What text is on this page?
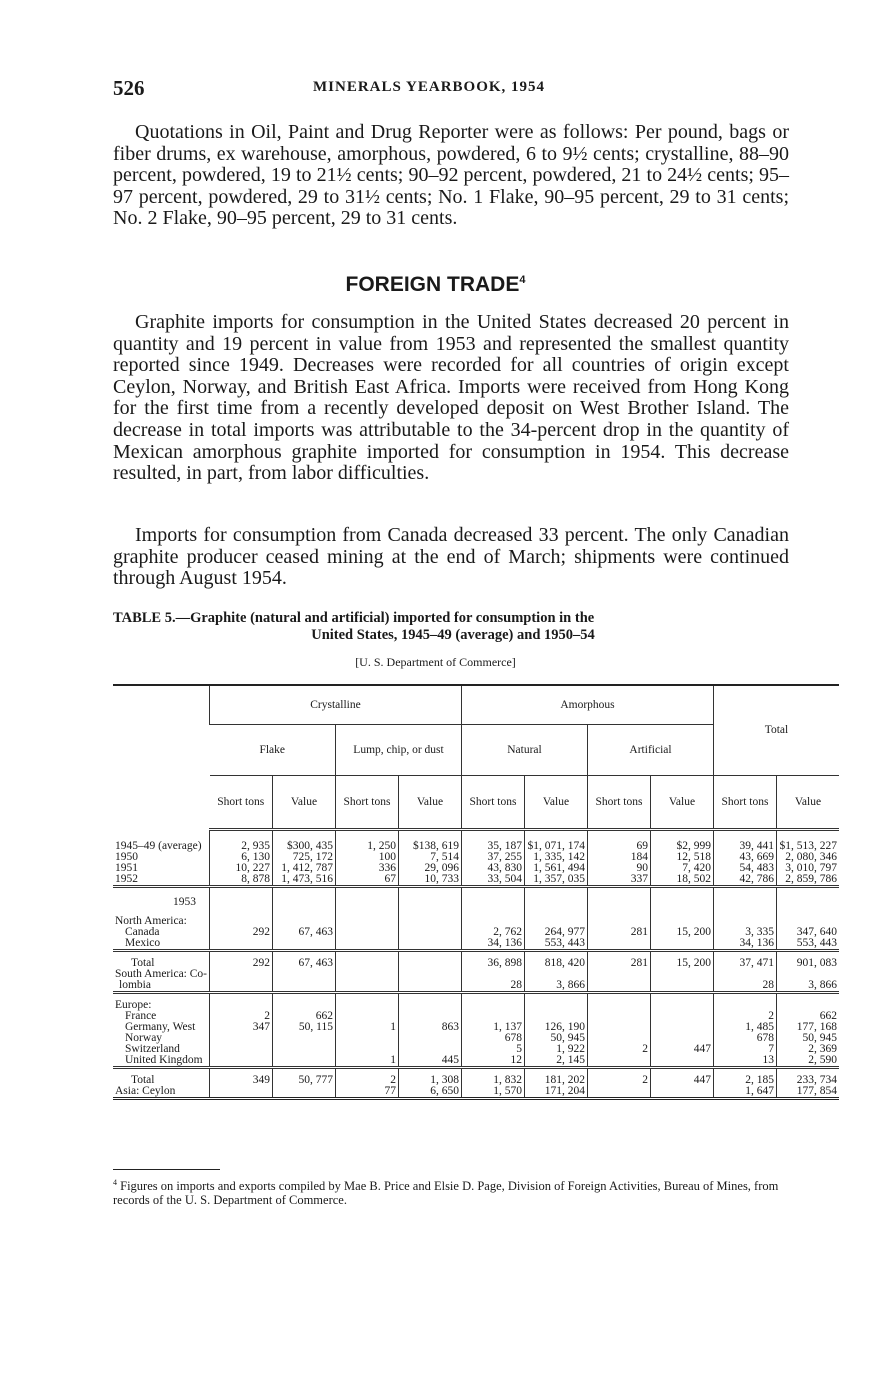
526	MINERALS YEARBOOK, 1954

Quotations in Oil, Paint and Drug Reporter were as follows: Per pound, bags or fiber drums, ex warehouse, amorphous, powdered, 6 to 9½ cents; crystalline, 88–90 percent, powdered, 19 to 21½ cents; 90–92 percent, powdered, 21 to 24½ cents; 95–97 percent, powdered, 29 to 31½ cents; No. 1 Flake, 90–95 percent, 29 to 31 cents; No. 2 Flake, 90–95 percent, 29 to 31 cents.

FOREIGN TRADE$^4$

Graphite imports for consumption in the United States decreased 20 percent in quantity and 19 percent in value from 1953 and represented the smallest quantity reported since 1949. Decreases were recorded for all countries of origin except Ceylon, Norway, and British East Africa. Imports were received from Hong Kong for the first time from a recently developed deposit on West Brother Island. The decrease in total imports was attributable to the 34-percent drop in the quantity of Mexican amorphous graphite imported for consumption in 1954. This decrease resulted, in part, from labor difficulties.

Imports for consumption from Canada decreased 33 percent. The only Canadian graphite producer ceased mining at the end of March; shipments were continued through August 1954.

TABLE 5.—Graphite (natural and artificial) imported for consumption in the
United States, 1945–49 (average) and 1950–54
[U. S. Department of Commerce]
	Crystalline				Amorphous				Total	
	Flake		Lump, chip, or dust		Natural		Artificial			
	Short tons	Value	Short tons	Value	Short tons	Value	Short tons	Value	Short tons	Value

1945–49 (average)	2, 935	$300, 435	1, 250	$138, 619	35, 187	$1, 071, 174	69	$2, 999	39, 441	$1, 513, 227
1950	6, 130	725, 172	100	7, 514	37, 255	1, 335, 142	184	12, 518	43, 669	2, 080, 346
1951	10, 227	1, 412, 787	336	29, 096	43, 830	1, 561, 494	90	7, 420	54, 483	3, 010, 797
1952	8, 878	1, 473, 516	67	10, 733	33, 504	1, 357, 035	337	18, 502	42, 786	2, 859, 786
1953										
North America:										
Canada	292	67, 463			2, 762	264, 977	281	15, 200	3, 335	347, 640
Mexico					34, 136	553, 443			34, 136	553, 443

Total	292	67, 463			36, 898	818, 420	281	15, 200	37, 471	901, 083
South America: Co-										
lombia					28	3, 866			28	3, 866

Europe:										
France	2	662							2	662
Germany, West	347	50, 115	1	863	1, 137	126, 190			1, 485	177, 168
Norway					678	50, 945			678	50, 945
Switzerland					5	1, 922	2	447	7	2, 369
United Kingdom			1	445	12	2, 145			13	2, 590

Total	349	50, 777	2	1, 308	1, 832	181, 202	2	447	2, 185	233, 734
Asia: Ceylon			77	6, 650	1, 570	171, 204			1, 647	177, 854
$^4$ Figures on imports and exports compiled by Mae B. Price and Elsie D. Page, Division of Foreign Activities, Bureau of Mines, from records of the U. S. Department of Commerce.
